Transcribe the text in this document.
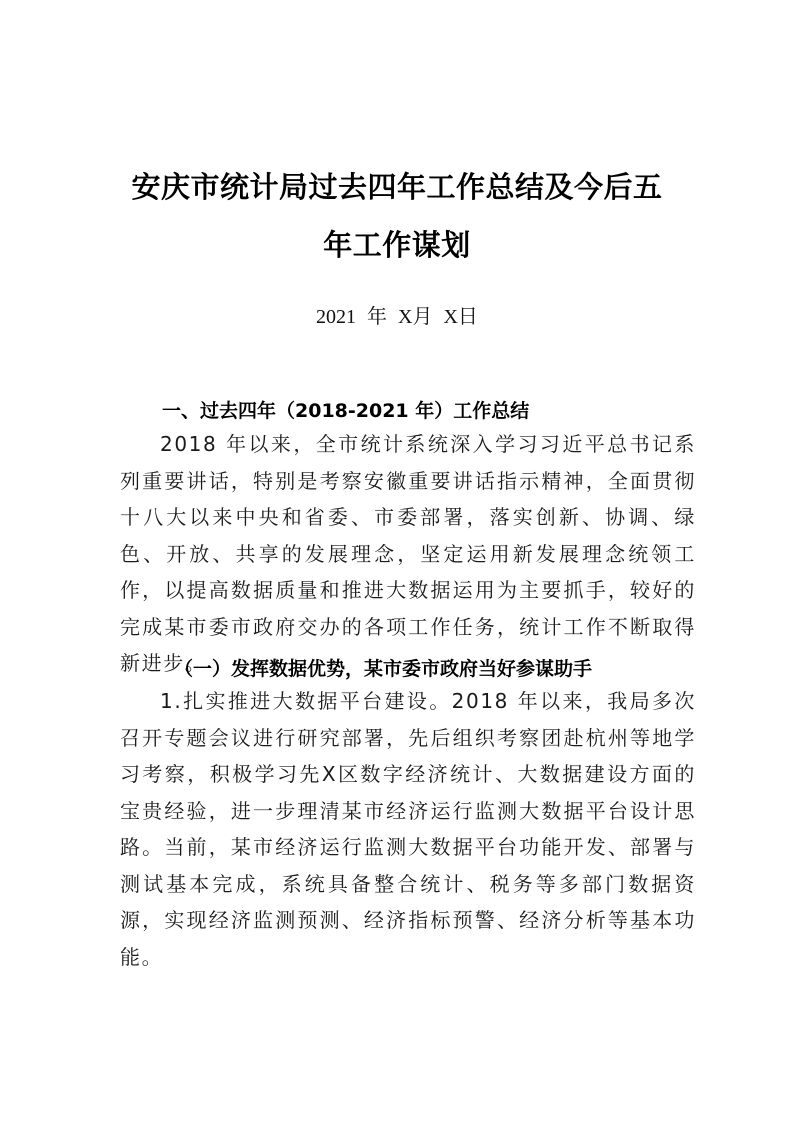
安庆市统计局过去四年工作总结及今后五
年工作谋划
2021 年 X月 X日
一、过去四年（2018-2021 年）工作总结

2018 年以来，全市统计系统深入学习习近平总书记系列重要讲话，特别是考察安徽重要讲话指示精神，全面贯彻十八大以来中央和省委、市委部署，落实创新、协调、绿色、开放、共享的发展理念，坚定运用新发展理念统领工作，以提高数据质量和推进大数据运用为主要抓手，较好的完成某市委市政府交办的各项工作任务，统计工作不断取得新进步。

（一）发挥数据优势，某市委市政府当好参谋助手

1.扎实推进大数据平台建设。2018 年以来，我局多次召开专题会议进行研究部署，先后组织考察团赴杭州等地学习考察，积极学习先X区数字经济统计、大数据建设方面的宝贵经验，进一步理清某市经济运行监测大数据平台设计思路。当前，某市经济运行监测大数据平台功能开发、部署与测试基本完成，系统具备整合统计、税务等多部门数据资源，实现经济监测预测、经济指标预警、经济分析等基本功能。
